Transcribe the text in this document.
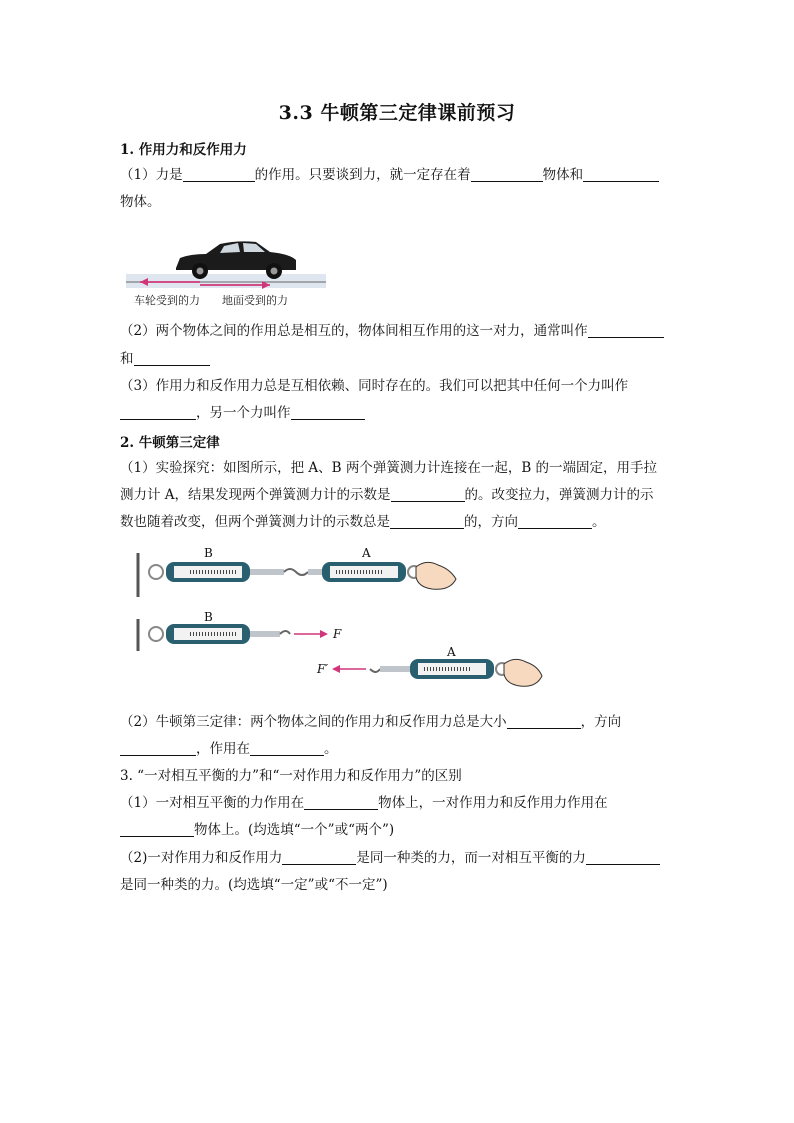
3.3 牛顿第三定律课前预习
1. 作用力和反作用力
（1）力是	的作用。只要谈到力，就一定存在着	物体和
物体。
车轮受到的力 地面受到的力
（2）两个物体之间的作用总是相互的，物体间相互作用的这一对力，通常叫作
和
（3）作用力和反作用力总是互相依赖、同时存在的。我们可以把其中任何一个力叫作
，另一个力叫作
2. 牛顿第三定律
（1）实验探究：如图所示，把 A、B 两个弹簧测力计连接在一起，B 的一端固定，用手拉
测力计 A，结果发现两个弹簧测力计的示数是	的。改变拉力，弹簧测力计的示
数也随着改变，但两个弹簧测力计的示数总是	的，方向	。
B	A
B
F
F′
A
（2）牛顿第三定律：两个物体之间的作用力和反作用力总是大小	，方向
，作用在	。
3. “一对相互平衡的力”和“一对作用力和反作用力”的区别
（1）一对相互平衡的力作用在	物体上，一对作用力和反作用力作用在
物体上。(均选填“一个”或“两个”)
（2)一对作用力和反作用力	是同一种类的力，而一对相互平衡的力
是同一种类的力。(均选填“一定”或“不一定”)
